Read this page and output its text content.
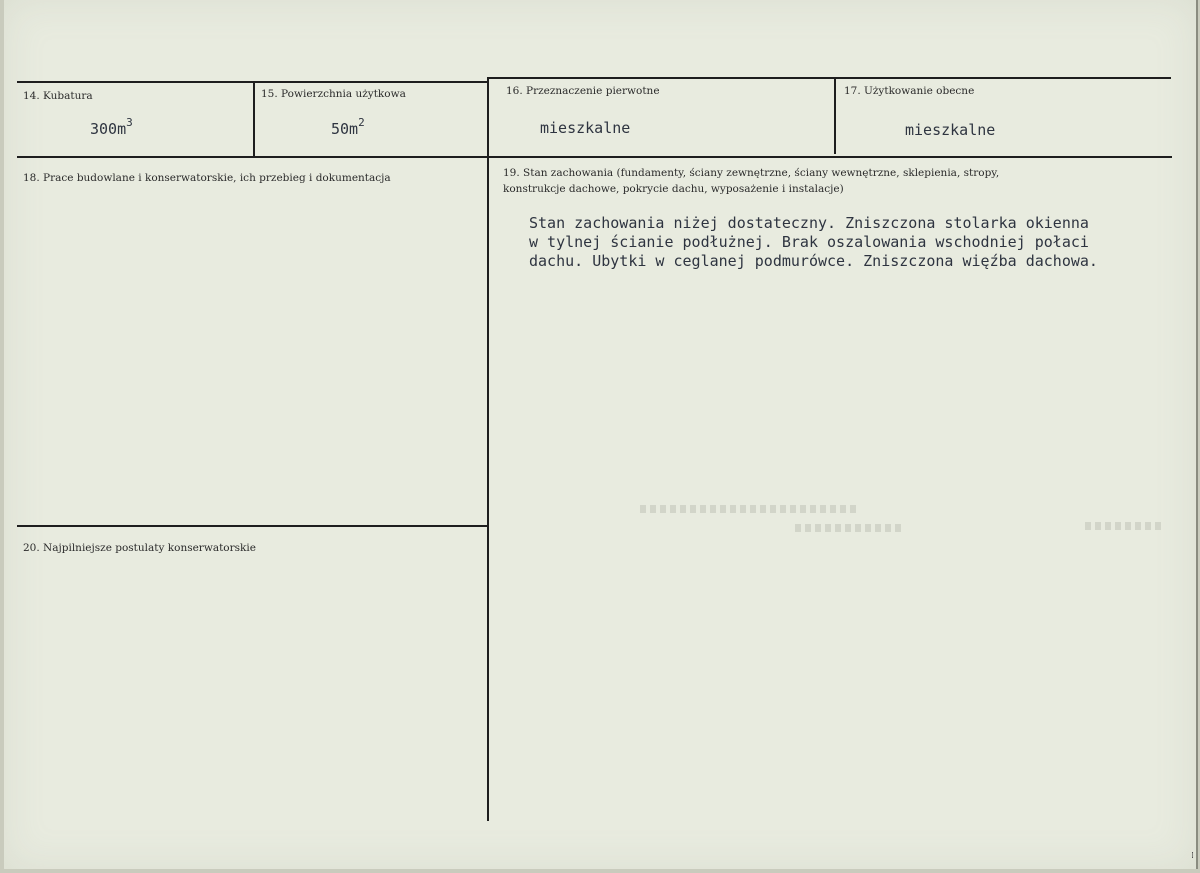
14. Kubatura
$300m^3$
15. Powierzchnia użytkowa
$50m^2$
16. Przeznaczenie pierwotne
mieszkalne
17. Użytkowanie obecne
mieszkalne
18. Prace budowlane i konserwatorskie, ich przebieg i dokumentacja	19. Stan zachowania (fundamenty, ściany zewnętrzne, ściany wewnętrzne, sklepienia, stropy,
konstrukcje dachowe, pokrycie dachu, wyposażenie i instalacje)
Stan zachowania niżej dostateczny. Zniszczona stolarka okienna
w tylnej ścianie podłużnej. Brak oszalowania wschodniej połaci
dachu. Ubytki w ceglanej podmurówce. Zniszczona więźba dachowa.
20. Najpilniejsze postulaty konserwatorskie
⁞
